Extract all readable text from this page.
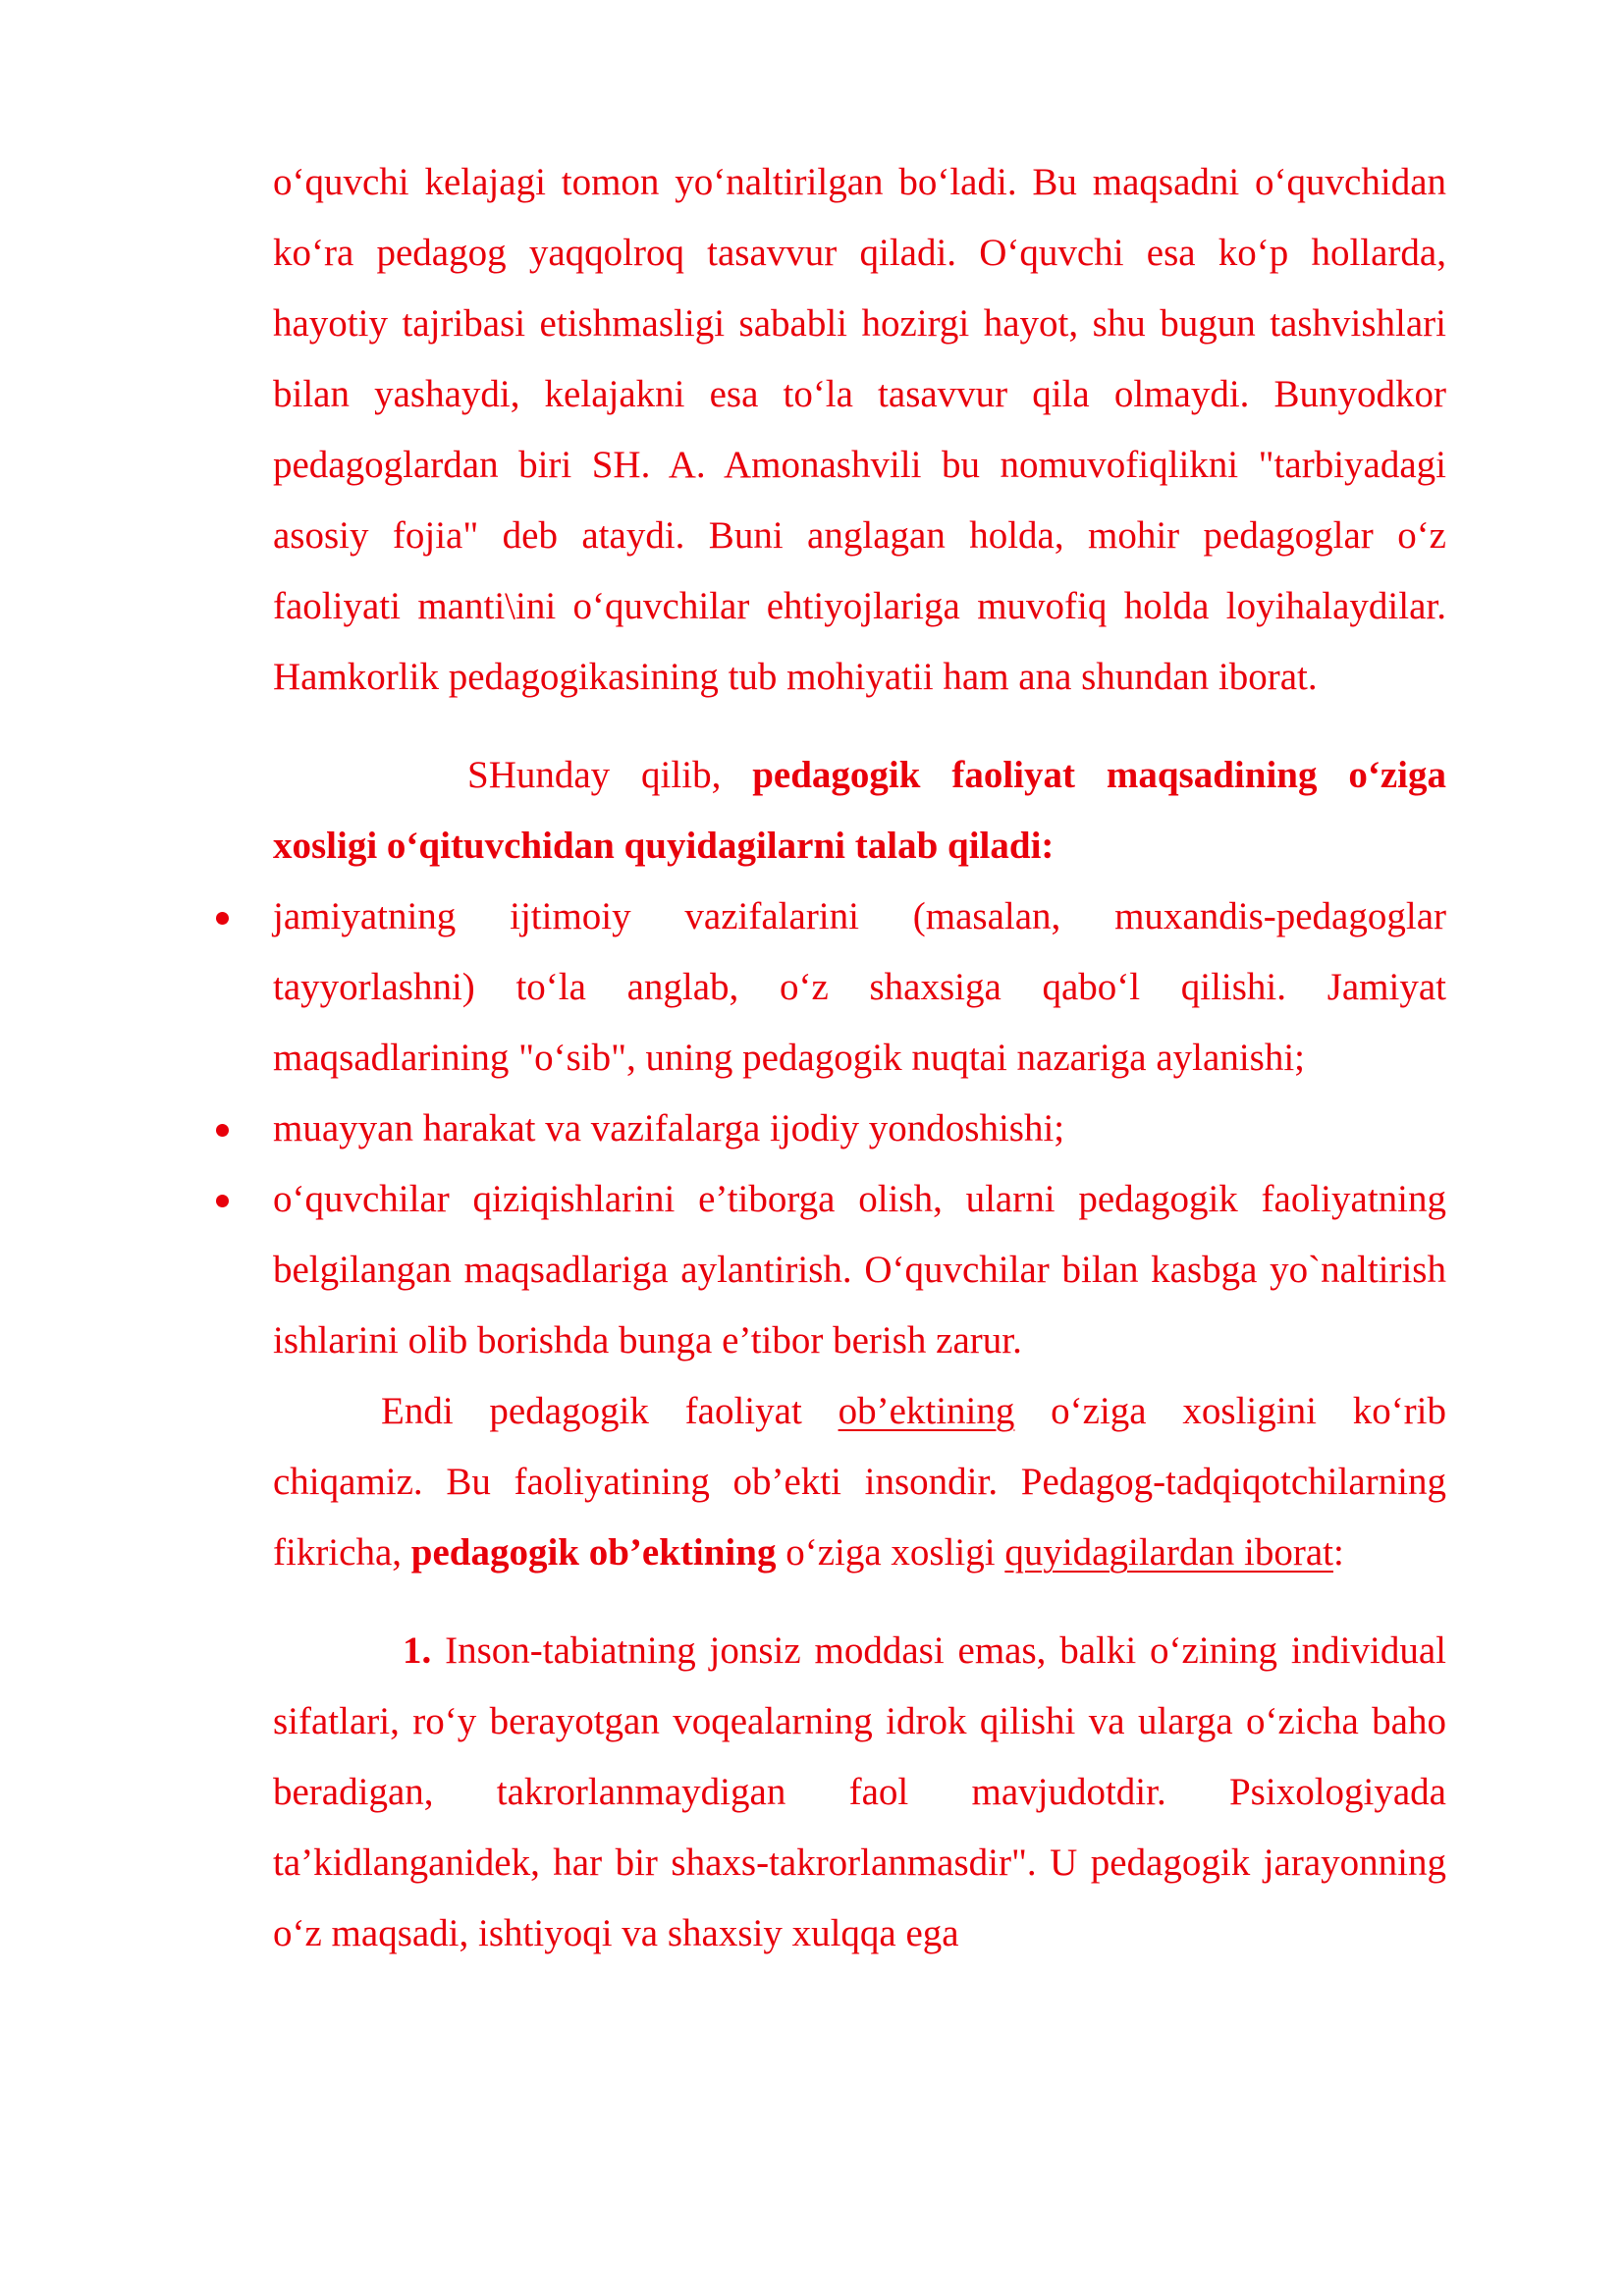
o‘quvchi kelajagi tomon yo‘naltirilgan bo‘ladi. Bu maqsadni o‘quvchidan ko‘ra pedagog yaqqolroq tasavvur qiladi. O‘quvchi esa ko‘p hollarda, hayotiy tajribasi etishmasligi sababli hozirgi hayot, shu bugun tashvishlari bilan yashaydi, kelajakni esa to‘la tasavvur qila olmaydi. Bunyodkor pedagoglardan biri SH. A. Amonashvili bu nomuvofiqlikni "tarbiyadagi asosiy fojia" deb ataydi. Buni anglagan holda, mohir pedagoglar o‘z faoliyati manti\ini o‘quvchilar ehtiyojlariga muvofiq holda loyihalaydilar. Hamkorlik pedagogikasining tub mohiyatii ham ana shundan iborat.

SHunday qilib, pedagogik faoliyat maqsadining o‘ziga xosligi o‘qituvchidan quyidagilarni talab qiladi:

jamiyatning ijtimoiy vazifalarini (masalan, muxandis-pedagoglar tayyorlashni) to‘la anglab, o‘z shaxsiga qabo‘l qilishi. Jamiyat maqsadlarining "o‘sib", uning pedagogik nuqtai nazariga aylanishi;
muayyan harakat va vazifalarga ijodiy yondoshishi;
o‘quvchilar qiziqishlarini e’tiborga olish, ularni pedagogik faoliyatning belgilangan maqsadlariga aylantirish. O‘quvchilar bilan kasbga yo`naltirish ishlarini olib borishda bunga e’tibor berish zarur.

Endi pedagogik faoliyat ob’ektining o‘ziga xosligini ko‘rib chiqamiz. Bu faoliyatining ob’ekti insondir. Pedagog-tadqiqotchilarning fikricha, pedagogik ob’ektining o‘ziga xosligi quyidagilardan iborat:

1. Inson-tabiatning jonsiz moddasi emas, balki o‘zining individual sifatlari, ro‘y berayotgan voqealarning idrok qilishi va ularga o‘zicha baho beradigan, takrorlanmaydigan faol mavjudotdir. Psixologiyada ta’kidlanganidek, har bir shaxs-takrorlanmasdir". U pedagogik jarayonning o‘z maqsadi, ishtiyoqi va shaxsiy xulqqa ega
